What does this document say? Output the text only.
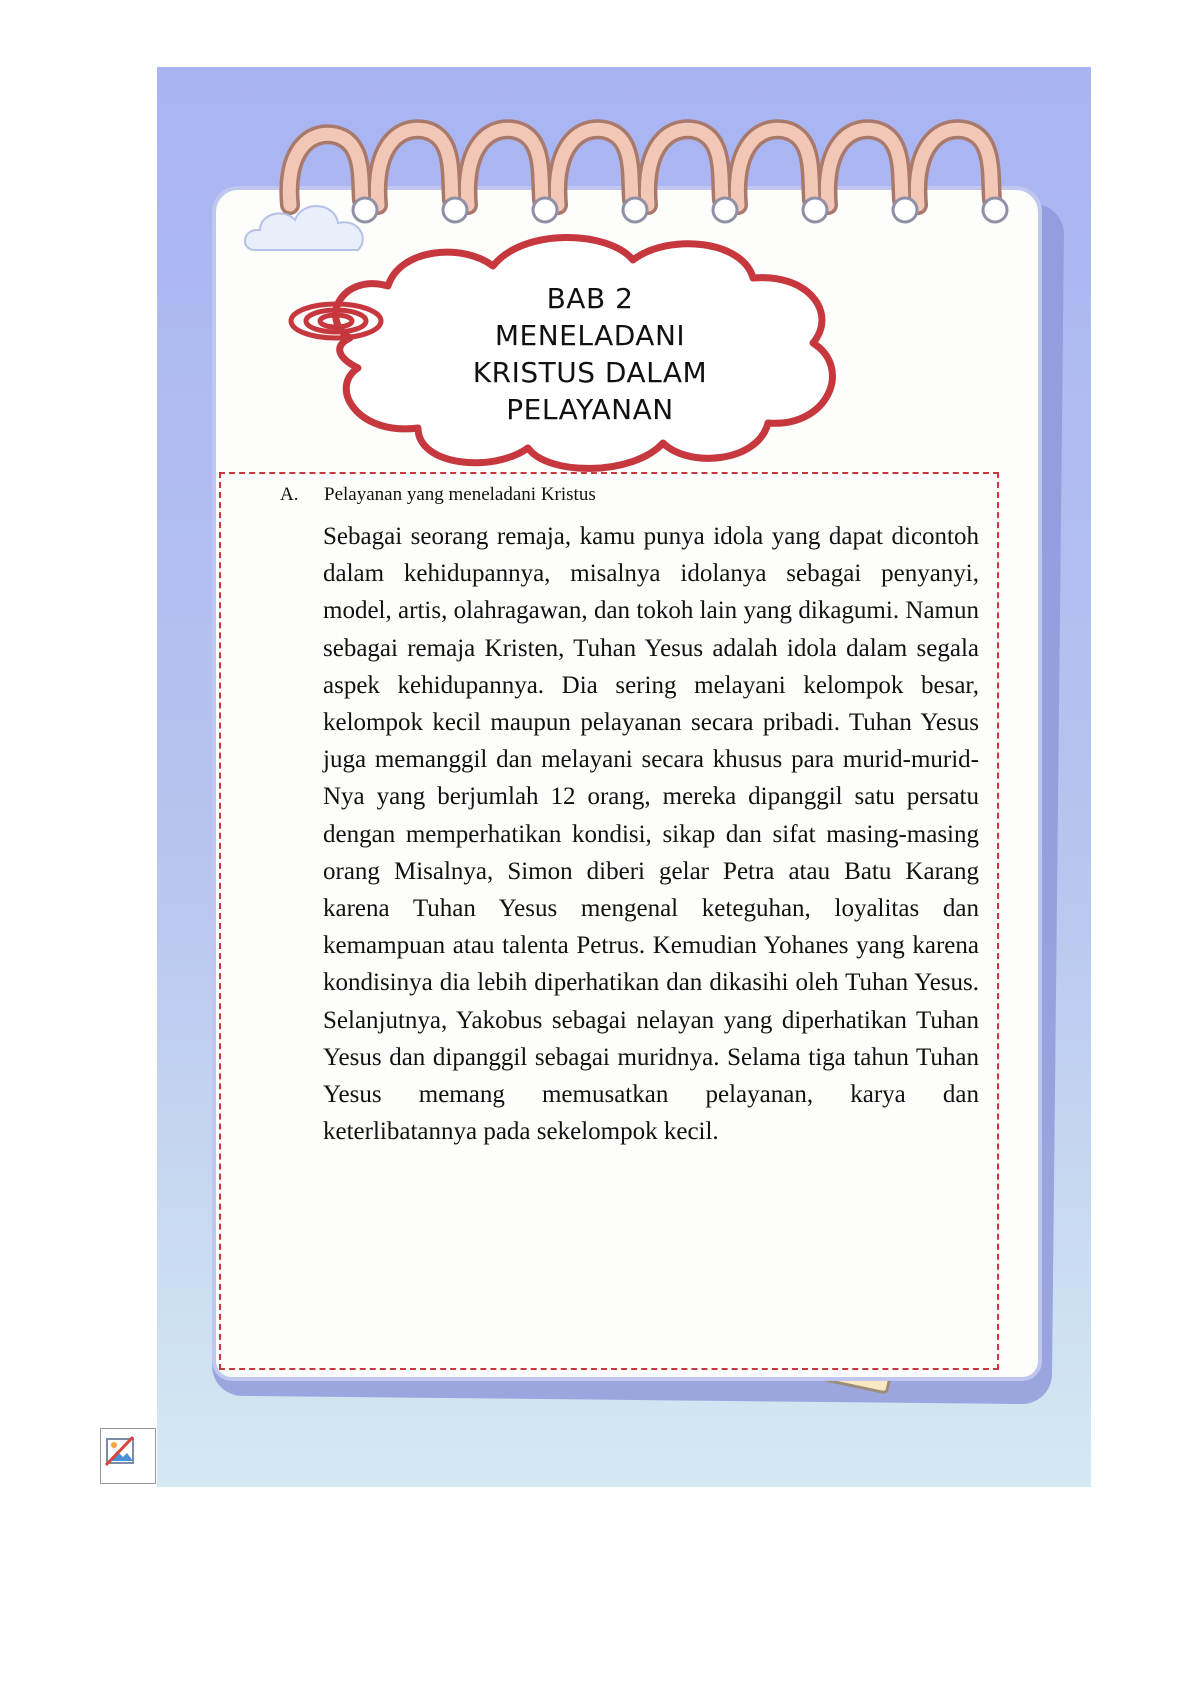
BAB 2
MENELADANI
KRISTUS DALAM
PELAYANAN
A. Pelayanan yang meneladani Kristus

Sebagai seorang remaja, kamu punya idola yang dapat dicontoh dalam kehidupannya, misalnya idolanya sebagai penyanyi, model, artis, olahragawan, dan tokoh lain yang dikagumi. Namun sebagai remaja Kristen, Tuhan Yesus adalah idola dalam segala aspek kehidupannya. Dia sering melayani kelompok besar, kelompok kecil maupun pelayanan secara pribadi. Tuhan Yesus juga memanggil dan melayani secara khusus para murid-murid-Nya yang berjumlah 12 orang, mereka dipanggil satu persatu dengan memperhatikan kondisi, sikap dan sifat masing-masing orang Misalnya, Simon diberi gelar Petra atau Batu Karang karena Tuhan Yesus mengenal keteguhan, loyalitas dan kemampuan atau talenta Petrus. Kemudian Yohanes yang karena kondisinya dia lebih diperhatikan dan dikasihi oleh Tuhan Yesus. Selanjutnya, Yakobus sebagai nelayan yang diperhatikan Tuhan Yesus dan dipanggil sebagai muridnya. Selama tiga tahun Tuhan Yesus memang memusatkan pelayanan, karya dan keterlibatannya pada sekelompok kecil.
